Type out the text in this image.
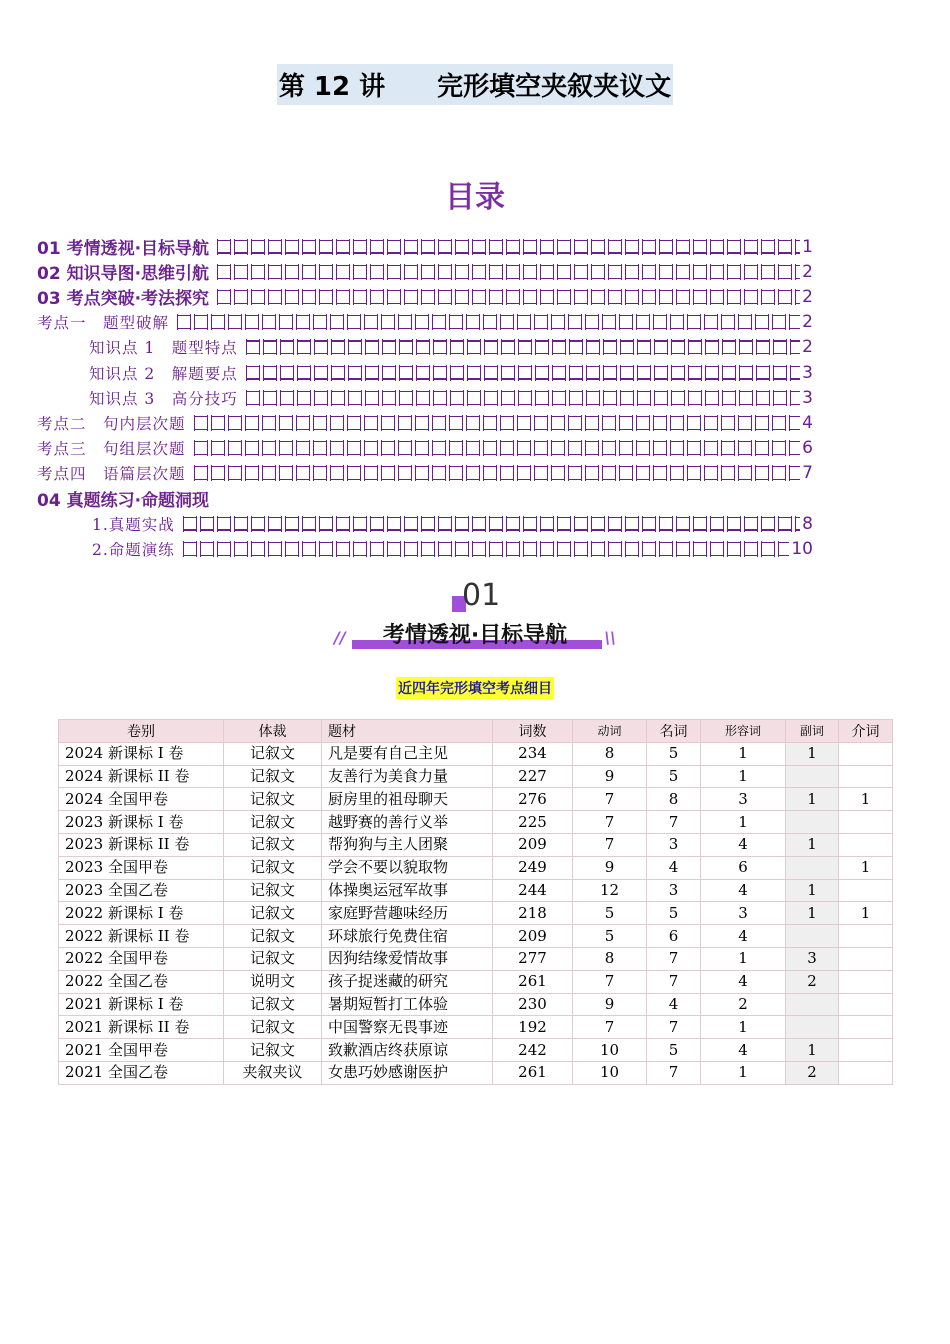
第 12 讲　　完形填空夹叙夹议文
目录
01 考情透视·目标导航	1
02 知识导图·思维引航	2
03 考点突破·考法探究	2
考点一　题型破解	2
知识点 1　题型特点	2
知识点 2　解题要点	3
知识点 3　高分技巧	3
考点二　句内层次题	4
考点三　句组层次题	6
考点四　语篇层次题	7
04 真题练习·命题洞现
1.真题实战	8
2.命题演练	10
01
//	考情透视·目标导航	\\
近四年完形填空考点细目
卷别	体裁	题材	词数	动词	名词	形容词	副词	介词
2024 新课标 I 卷	记叙文	凡是要有自己主见	234	8	5	1	1	
2024 新课标 II 卷	记叙文	友善行为美食力量	227	9	5	1		
2024 全国甲卷	记叙文	厨房里的祖母聊天	276	7	8	3	1	1
2023 新课标 I 卷	记叙文	越野赛的善行义举	225	7	7	1		
2023 新课标 II 卷	记叙文	帮狗狗与主人团聚	209	7	3	4	1	
2023 全国甲卷	记叙文	学会不要以貌取物	249	9	4	6		1
2023 全国乙卷	记叙文	体操奥运冠军故事	244	12	3	4	1	
2022 新课标 I 卷	记叙文	家庭野营趣味经历	218	5	5	3	1	1
2022 新课标 II 卷	记叙文	环球旅行免费住宿	209	5	6	4		
2022 全国甲卷	记叙文	因狗结缘爱情故事	277	8	7	1	3	
2022 全国乙卷	说明文	孩子捉迷藏的研究	261	7	7	4	2	
2021 新课标 I 卷	记叙文	暑期短暂打工体验	230	9	4	2		
2021 新课标 II 卷	记叙文	中国警察无畏事迹	192	7	7	1		
2021 全国甲卷	记叙文	致歉酒店终获原谅	242	10	5	4	1	
2021 全国乙卷	夹叙夹议	女患巧妙感谢医护	261	10	7	1	2	
